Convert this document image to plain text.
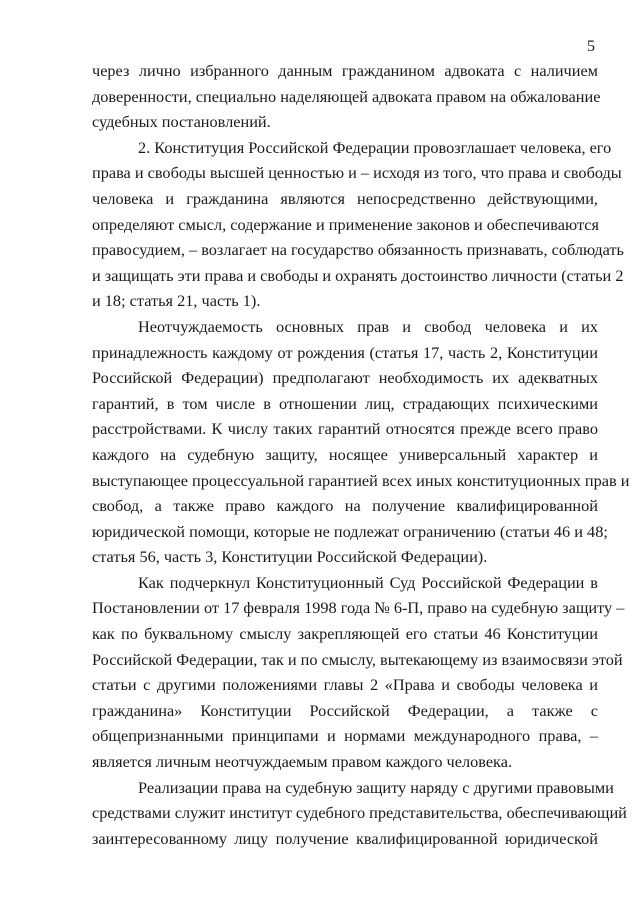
5
через лично избранного данным гражданином адвоката с наличием
доверенности, специально наделяющей адвоката правом на обжалование
судебных постановлений.
2. Конституция Российской Федерации провозглашает человека, его
права и свободы высшей ценностью и – исходя из того, что права и свободы
человека и гражданина являются непосредственно действующими,
определяют смысл, содержание и применение законов и обеспечиваются
правосудием, – возлагает на государство обязанность признавать, соблюдать
и защищать эти права и свободы и охранять достоинство личности (статьи 2
и 18; статья 21, часть 1).
Неотчуждаемость основных прав и свобод человека и их
принадлежность каждому от рождения (статья 17, часть 2, Конституции
Российской Федерации) предполагают необходимость их адекватных
гарантий, в том числе в отношении лиц, страдающих психическими
расстройствами. К числу таких гарантий относятся прежде всего право
каждого на судебную защиту, носящее универсальный характер и
выступающее процессуальной гарантией всех иных конституционных прав и
свобод, а также право каждого на получение квалифицированной
юридической помощи, которые не подлежат ограничению (статьи 46 и 48;
статья 56, часть 3, Конституции Российской Федерации).
Как подчеркнул Конституционный Суд Российской Федерации в
Постановлении от 17 февраля 1998 года № 6-П, право на судебную защиту –
как по буквальному смыслу закрепляющей его статьи 46 Конституции
Российской Федерации, так и по смыслу, вытекающему из взаимосвязи этой
статьи с другими положениями главы 2 «Права и свободы человека и
гражданина» Конституции Российской Федерации, а также с
общепризнанными принципами и нормами международного права, –
является личным неотчуждаемым правом каждого человека.
Реализации права на судебную защиту наряду с другими правовыми
средствами служит институт судебного представительства, обеспечивающий
заинтересованному лицу получение квалифицированной юридической
